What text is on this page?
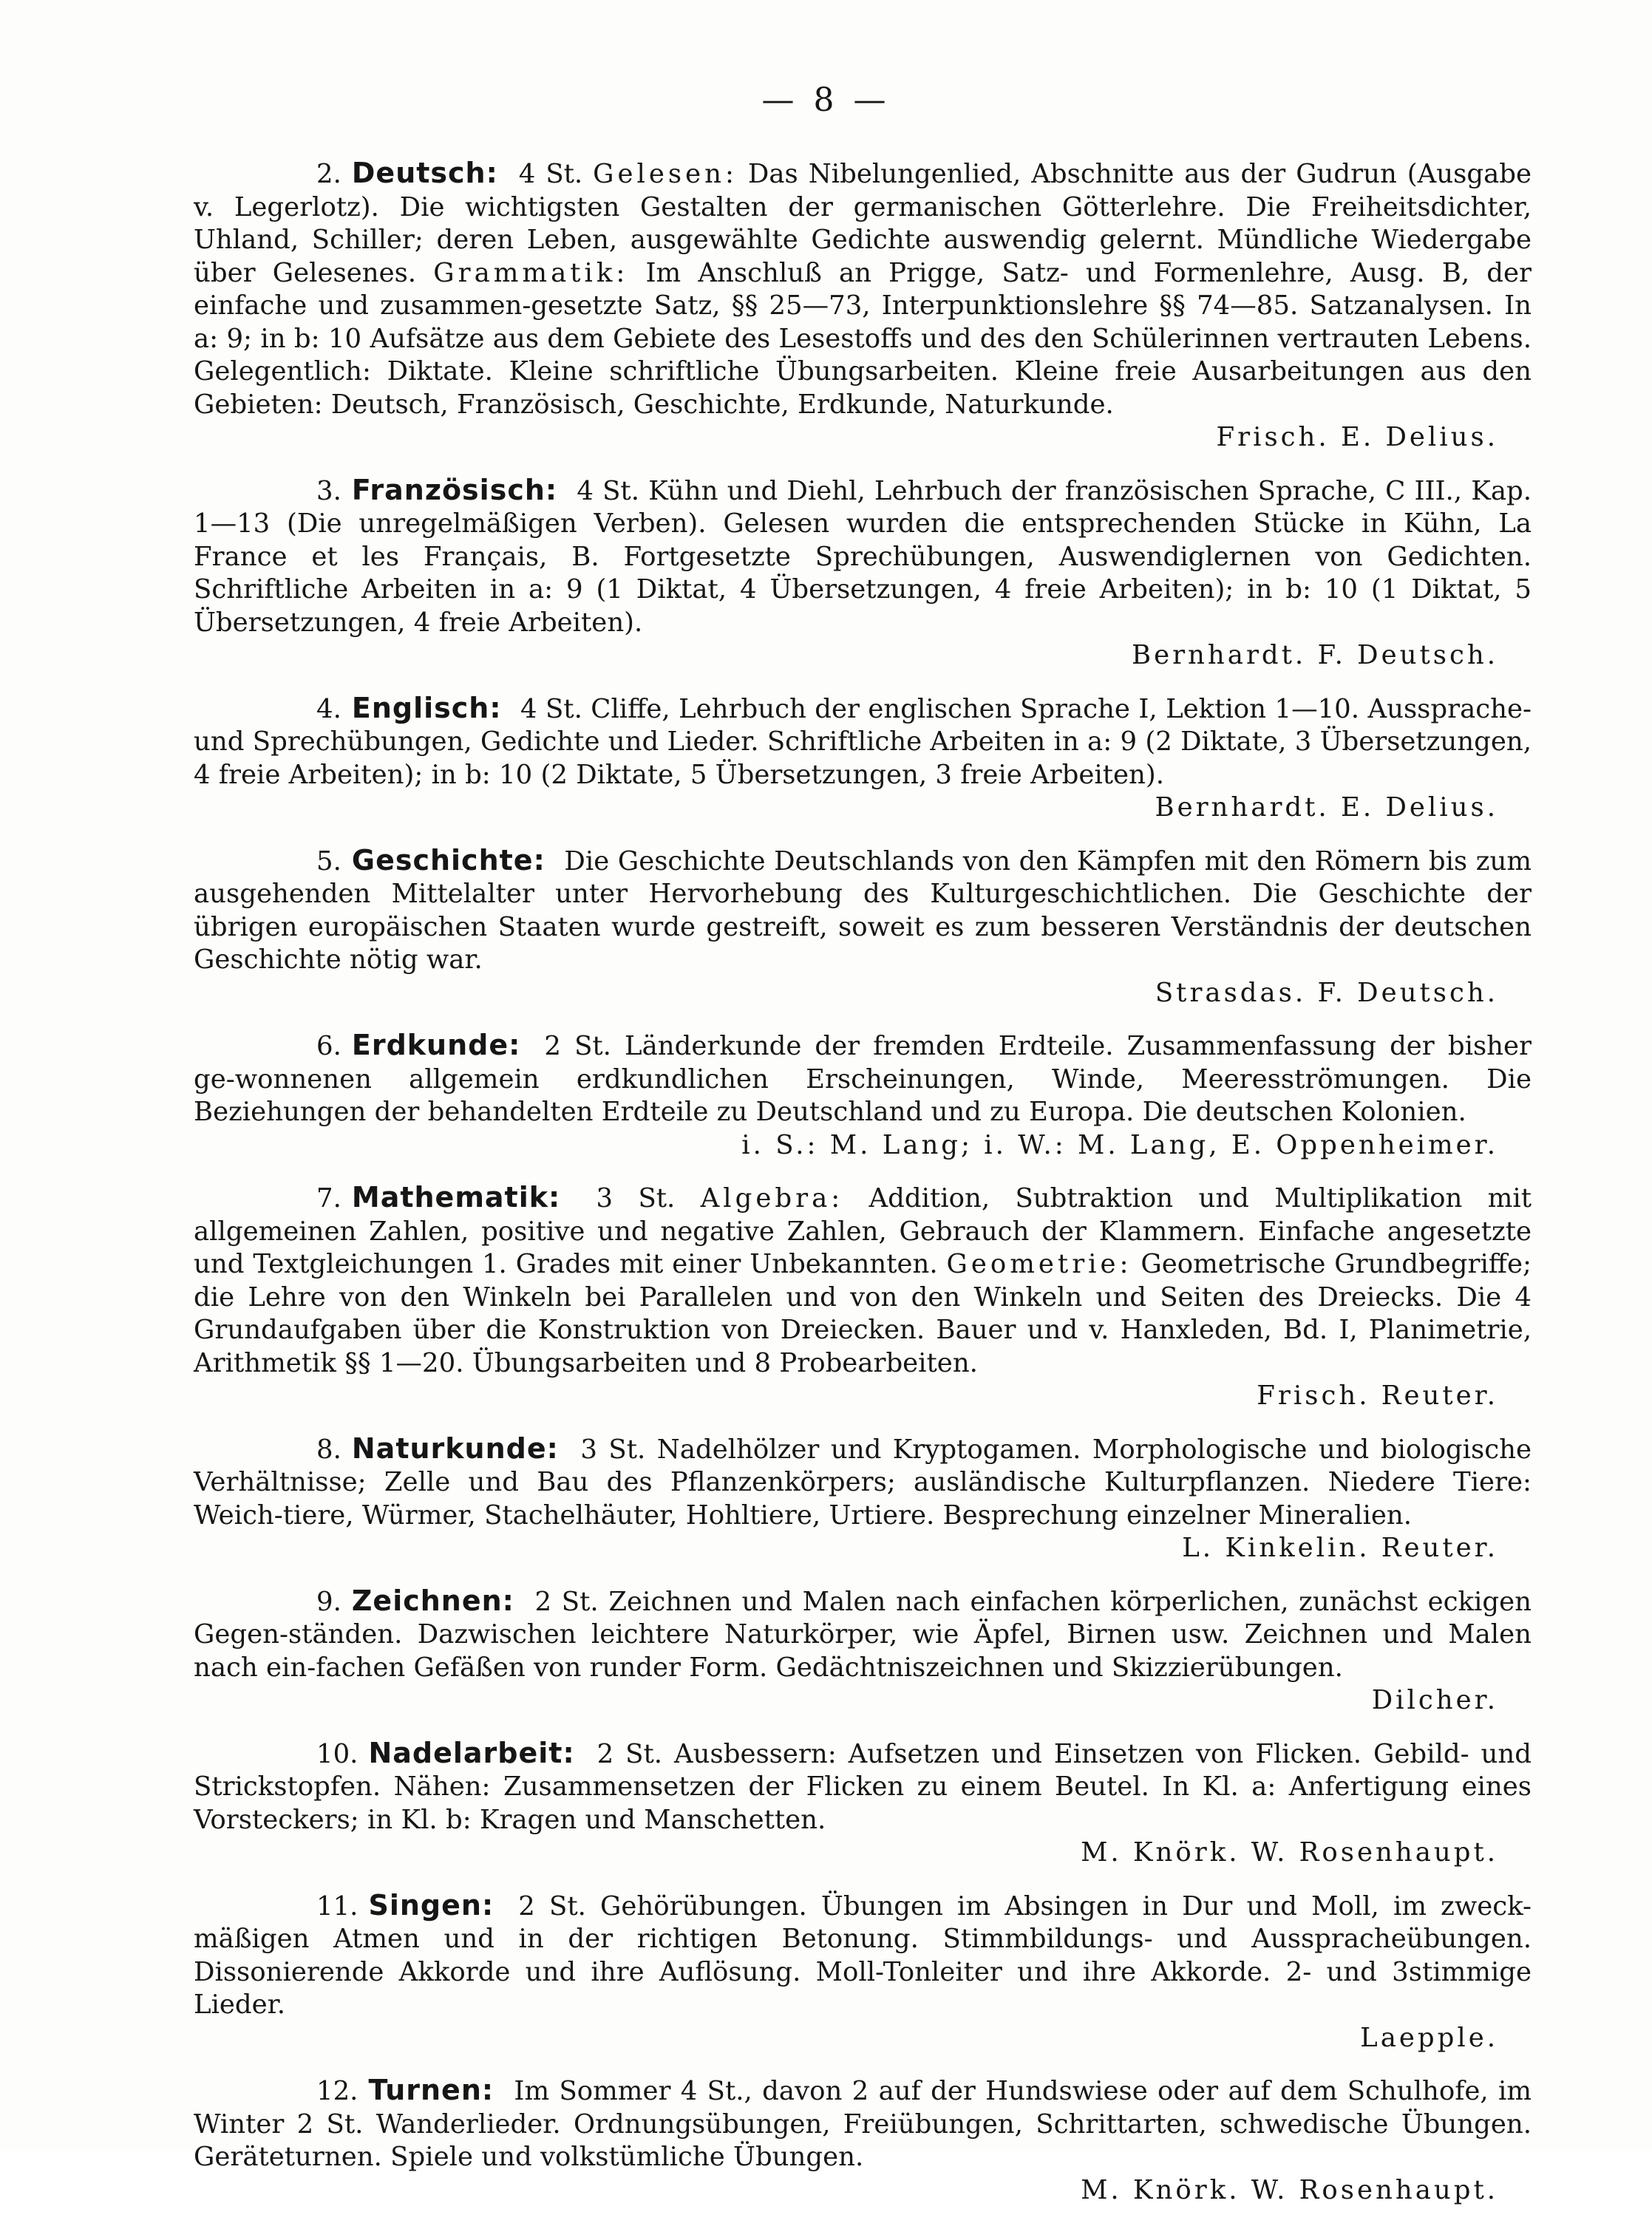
— 8 —

2. Deutsch: 4 St. Gelesen: Das Nibelungenlied, Abschnitte aus der Gudrun (Ausgabe v. Legerlotz). Die wichtigsten Gestalten der germanischen Götterlehre. Die Freiheitsdichter, Uhland, Schiller; deren Leben, ausgewählte Gedichte auswendig gelernt. Mündliche Wiedergabe über Gelesenes. Grammatik: Im Anschluß an Prigge, Satz- und Formenlehre, Ausg. B, der einfache und zusammen-gesetzte Satz, §§ 25—73, Interpunktionslehre §§ 74—85. Satzanalysen. In a: 9; in b: 10 Aufsätze aus dem Gebiete des Lesestoffs und des den Schülerinnen vertrauten Lebens. Gelegentlich: Diktate. Kleine schriftliche Übungsarbeiten. Kleine freie Ausarbeitungen aus den Gebieten: Deutsch, Französisch, Geschichte, Erdkunde, Naturkunde.
Frisch. E. Delius.

3. Französisch: 4 St. Kühn und Diehl, Lehrbuch der französischen Sprache, C III., Kap. 1—13 (Die unregelmäßigen Verben). Gelesen wurden die entsprechenden Stücke in Kühn, La France et les Français, B. Fortgesetzte Sprechübungen, Auswendiglernen von Gedichten. Schriftliche Arbeiten in a: 9 (1 Diktat, 4 Übersetzungen, 4 freie Arbeiten); in b: 10 (1 Diktat, 5 Übersetzungen, 4 freie Arbeiten).
Bernhardt. F. Deutsch.

4. Englisch: 4 St. Cliffe, Lehrbuch der englischen Sprache I, Lektion 1—10. Aussprache- und Sprechübungen, Gedichte und Lieder. Schriftliche Arbeiten in a: 9 (2 Diktate, 3 Übersetzungen, 4 freie Arbeiten); in b: 10 (2 Diktate, 5 Übersetzungen, 3 freie Arbeiten).
Bernhardt. E. Delius.

5. Geschichte: Die Geschichte Deutschlands von den Kämpfen mit den Römern bis zum ausgehenden Mittelalter unter Hervorhebung des Kulturgeschichtlichen. Die Geschichte der übrigen europäischen Staaten wurde gestreift, soweit es zum besseren Verständnis der deutschen Geschichte nötig war.
Strasdas. F. Deutsch.

6. Erdkunde: 2 St. Länderkunde der fremden Erdteile. Zusammenfassung der bisher ge-wonnenen allgemein erdkundlichen Erscheinungen, Winde, Meeresströmungen. Die Beziehungen der behandelten Erdteile zu Deutschland und zu Europa. Die deutschen Kolonien.
i. S.: M. Lang; i. W.: M. Lang, E. Oppenheimer.

7. Mathematik: 3 St. Algebra: Addition, Subtraktion und Multiplikation mit allgemeinen Zahlen, positive und negative Zahlen, Gebrauch der Klammern. Einfache angesetzte und Textgleichungen 1. Grades mit einer Unbekannten. Geometrie: Geometrische Grundbegriffe; die Lehre von den Winkeln bei Parallelen und von den Winkeln und Seiten des Dreiecks. Die 4 Grundaufgaben über die Konstruktion von Dreiecken. Bauer und v. Hanxleden, Bd. I, Planimetrie, Arithmetik §§ 1—20. Übungsarbeiten und 8 Probearbeiten.
Frisch. Reuter.

8. Naturkunde: 3 St. Nadelhölzer und Kryptogamen. Morphologische und biologische Verhältnisse; Zelle und Bau des Pflanzenkörpers; ausländische Kulturpflanzen. Niedere Tiere: Weich-tiere, Würmer, Stachelhäuter, Hohltiere, Urtiere. Besprechung einzelner Mineralien.
L. Kinkelin. Reuter.

9. Zeichnen: 2 St. Zeichnen und Malen nach einfachen körperlichen, zunächst eckigen Gegen-ständen. Dazwischen leichtere Naturkörper, wie Äpfel, Birnen usw. Zeichnen und Malen nach ein-fachen Gefäßen von runder Form. Gedächtniszeichnen und Skizzierübungen.
Dilcher.

10. Nadelarbeit: 2 St. Ausbessern: Aufsetzen und Einsetzen von Flicken. Gebild- und Strickstopfen. Nähen: Zusammensetzen der Flicken zu einem Beutel. In Kl. a: Anfertigung eines Vorsteckers; in Kl. b: Kragen und Manschetten.
M. Knörk. W. Rosenhaupt.

11. Singen: 2 St. Gehörübungen. Übungen im Absingen in Dur und Moll, im zweck-mäßigen Atmen und in der richtigen Betonung. Stimmbildungs- und Ausspracheübungen. Dissonierende Akkorde und ihre Auflösung. Moll-Tonleiter und ihre Akkorde. 2- und 3stimmige Lieder.
Laepple.

12. Turnen: Im Sommer 4 St., davon 2 auf der Hundswiese oder auf dem Schulhofe, im Winter 2 St. Wanderlieder. Ordnungsübungen, Freiübungen, Schrittarten, schwedische Übungen. Geräteturnen. Spiele und volkstümliche Übungen.
M. Knörk. W. Rosenhaupt.
